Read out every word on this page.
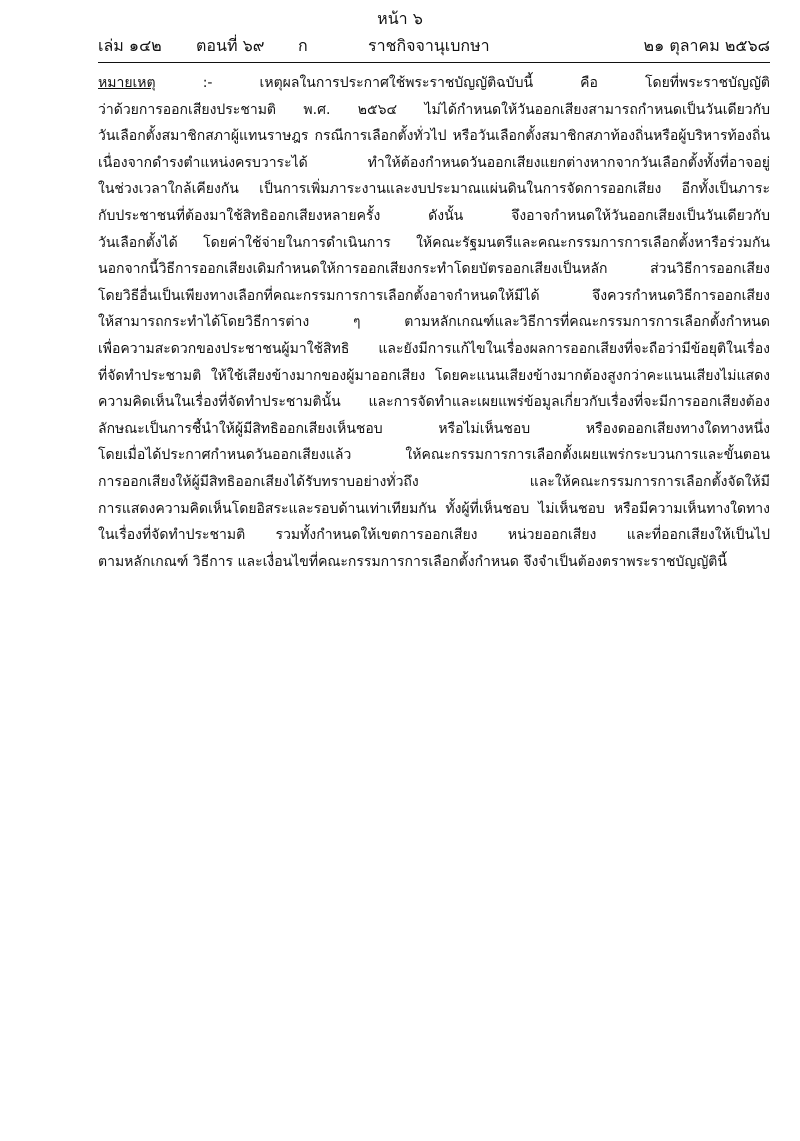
หน้า ๖
เล่ม ๑๔๒ ตอนที่ ๖๙ ก	ราชกิจจานุเบกษา	๒๑ ตุลาคม ๒๕๖๘
หมายเหตุ	:- เหตุผลในการประกาศใช้พระราชบัญญัติฉบับนี้ คือ โดยที่พระราชบัญญัติ
ว่าด้วยการออกเสียงประชามติ พ.ศ. ๒๕๖๔ ไม่ได้กำหนดให้วันออกเสียงสามารถกำหนดเป็นวันเดียวกับ
วันเลือกตั้งสมาชิกสภาผู้แทนราษฎร กรณีการเลือกตั้งทั่วไป หรือวันเลือกตั้งสมาชิกสภาท้องถิ่นหรือผู้บริหารท้องถิ่น
เนื่องจากดำรงตำแหน่งครบวาระได้ ทำให้ต้องกำหนดวันออกเสียงแยกต่างหากจากวันเลือกตั้งทั้งที่อาจอยู่
ในช่วงเวลาใกล้เคียงกัน เป็นการเพิ่มภาระงานและงบประมาณแผ่นดินในการจัดการออกเสียง อีกทั้งเป็นภาระ
กับประชาชนที่ต้องมาใช้สิทธิออกเสียงหลายครั้ง ดังนั้น จึงอาจกำหนดให้วันออกเสียงเป็นวันเดียวกับ
วันเลือกตั้งได้ โดยค่าใช้จ่ายในการดำเนินการ ให้คณะรัฐมนตรีและคณะกรรมการการเลือกตั้งหารือร่วมกัน
นอกจากนี้วิธีการออกเสียงเดิมกำหนดให้การออกเสียงกระทำโดยบัตรออกเสียงเป็นหลัก ส่วนวิธีการออกเสียง
โดยวิธีอื่นเป็นเพียงทางเลือกที่คณะกรรมการการเลือกตั้งอาจกำหนดให้มีได้ จึงควรกำหนดวิธีการออกเสียง
ให้สามารถกระทำได้โดยวิธีการต่าง ๆ ตามหลักเกณฑ์และวิธีการที่คณะกรรมการการเลือกตั้งกำหนด
เพื่อความสะดวกของประชาชนผู้มาใช้สิทธิ และยังมีการแก้ไขในเรื่องผลการออกเสียงที่จะถือว่ามีข้อยุติในเรื่อง
ที่จัดทำประชามติ ให้ใช้เสียงข้างมากของผู้มาออกเสียง โดยคะแนนเสียงข้างมากต้องสูงกว่าคะแนนเสียงไม่แสดง
ความคิดเห็นในเรื่องที่จัดทำประชามตินั้น และการจัดทำและเผยแพร่ข้อมูลเกี่ยวกับเรื่องที่จะมีการออกเสียงต้อง
ลักษณะเป็นการชี้นำให้ผู้มีสิทธิออกเสียงเห็นชอบ หรือไม่เห็นชอบ หรืองดออกเสียงทางใดทางหนึ่ง
โดยเมื่อได้ประกาศกำหนดวันออกเสียงแล้ว ให้คณะกรรมการการเลือกตั้งเผยแพร่กระบวนการและขั้นตอน
การออกเสียงให้ผู้มีสิทธิออกเสียงได้รับทราบอย่างทั่วถึง และให้คณะกรรมการการเลือกตั้งจัดให้มี
การแสดงความคิดเห็นโดยอิสระและรอบด้านเท่าเทียมกัน ทั้งผู้ที่เห็นชอบ ไม่เห็นชอบ หรือมีความเห็นทางใดทาง
ในเรื่องที่จัดทำประชามติ รวมทั้งกำหนดให้เขตการออกเสียง หน่วยออกเสียง และที่ออกเสียงให้เป็นไป
ตามหลักเกณฑ์ วิธีการ และเงื่อนไขที่คณะกรรมการการเลือกตั้งกำหนด จึงจำเป็นต้องตราพระราชบัญญัตินี้
